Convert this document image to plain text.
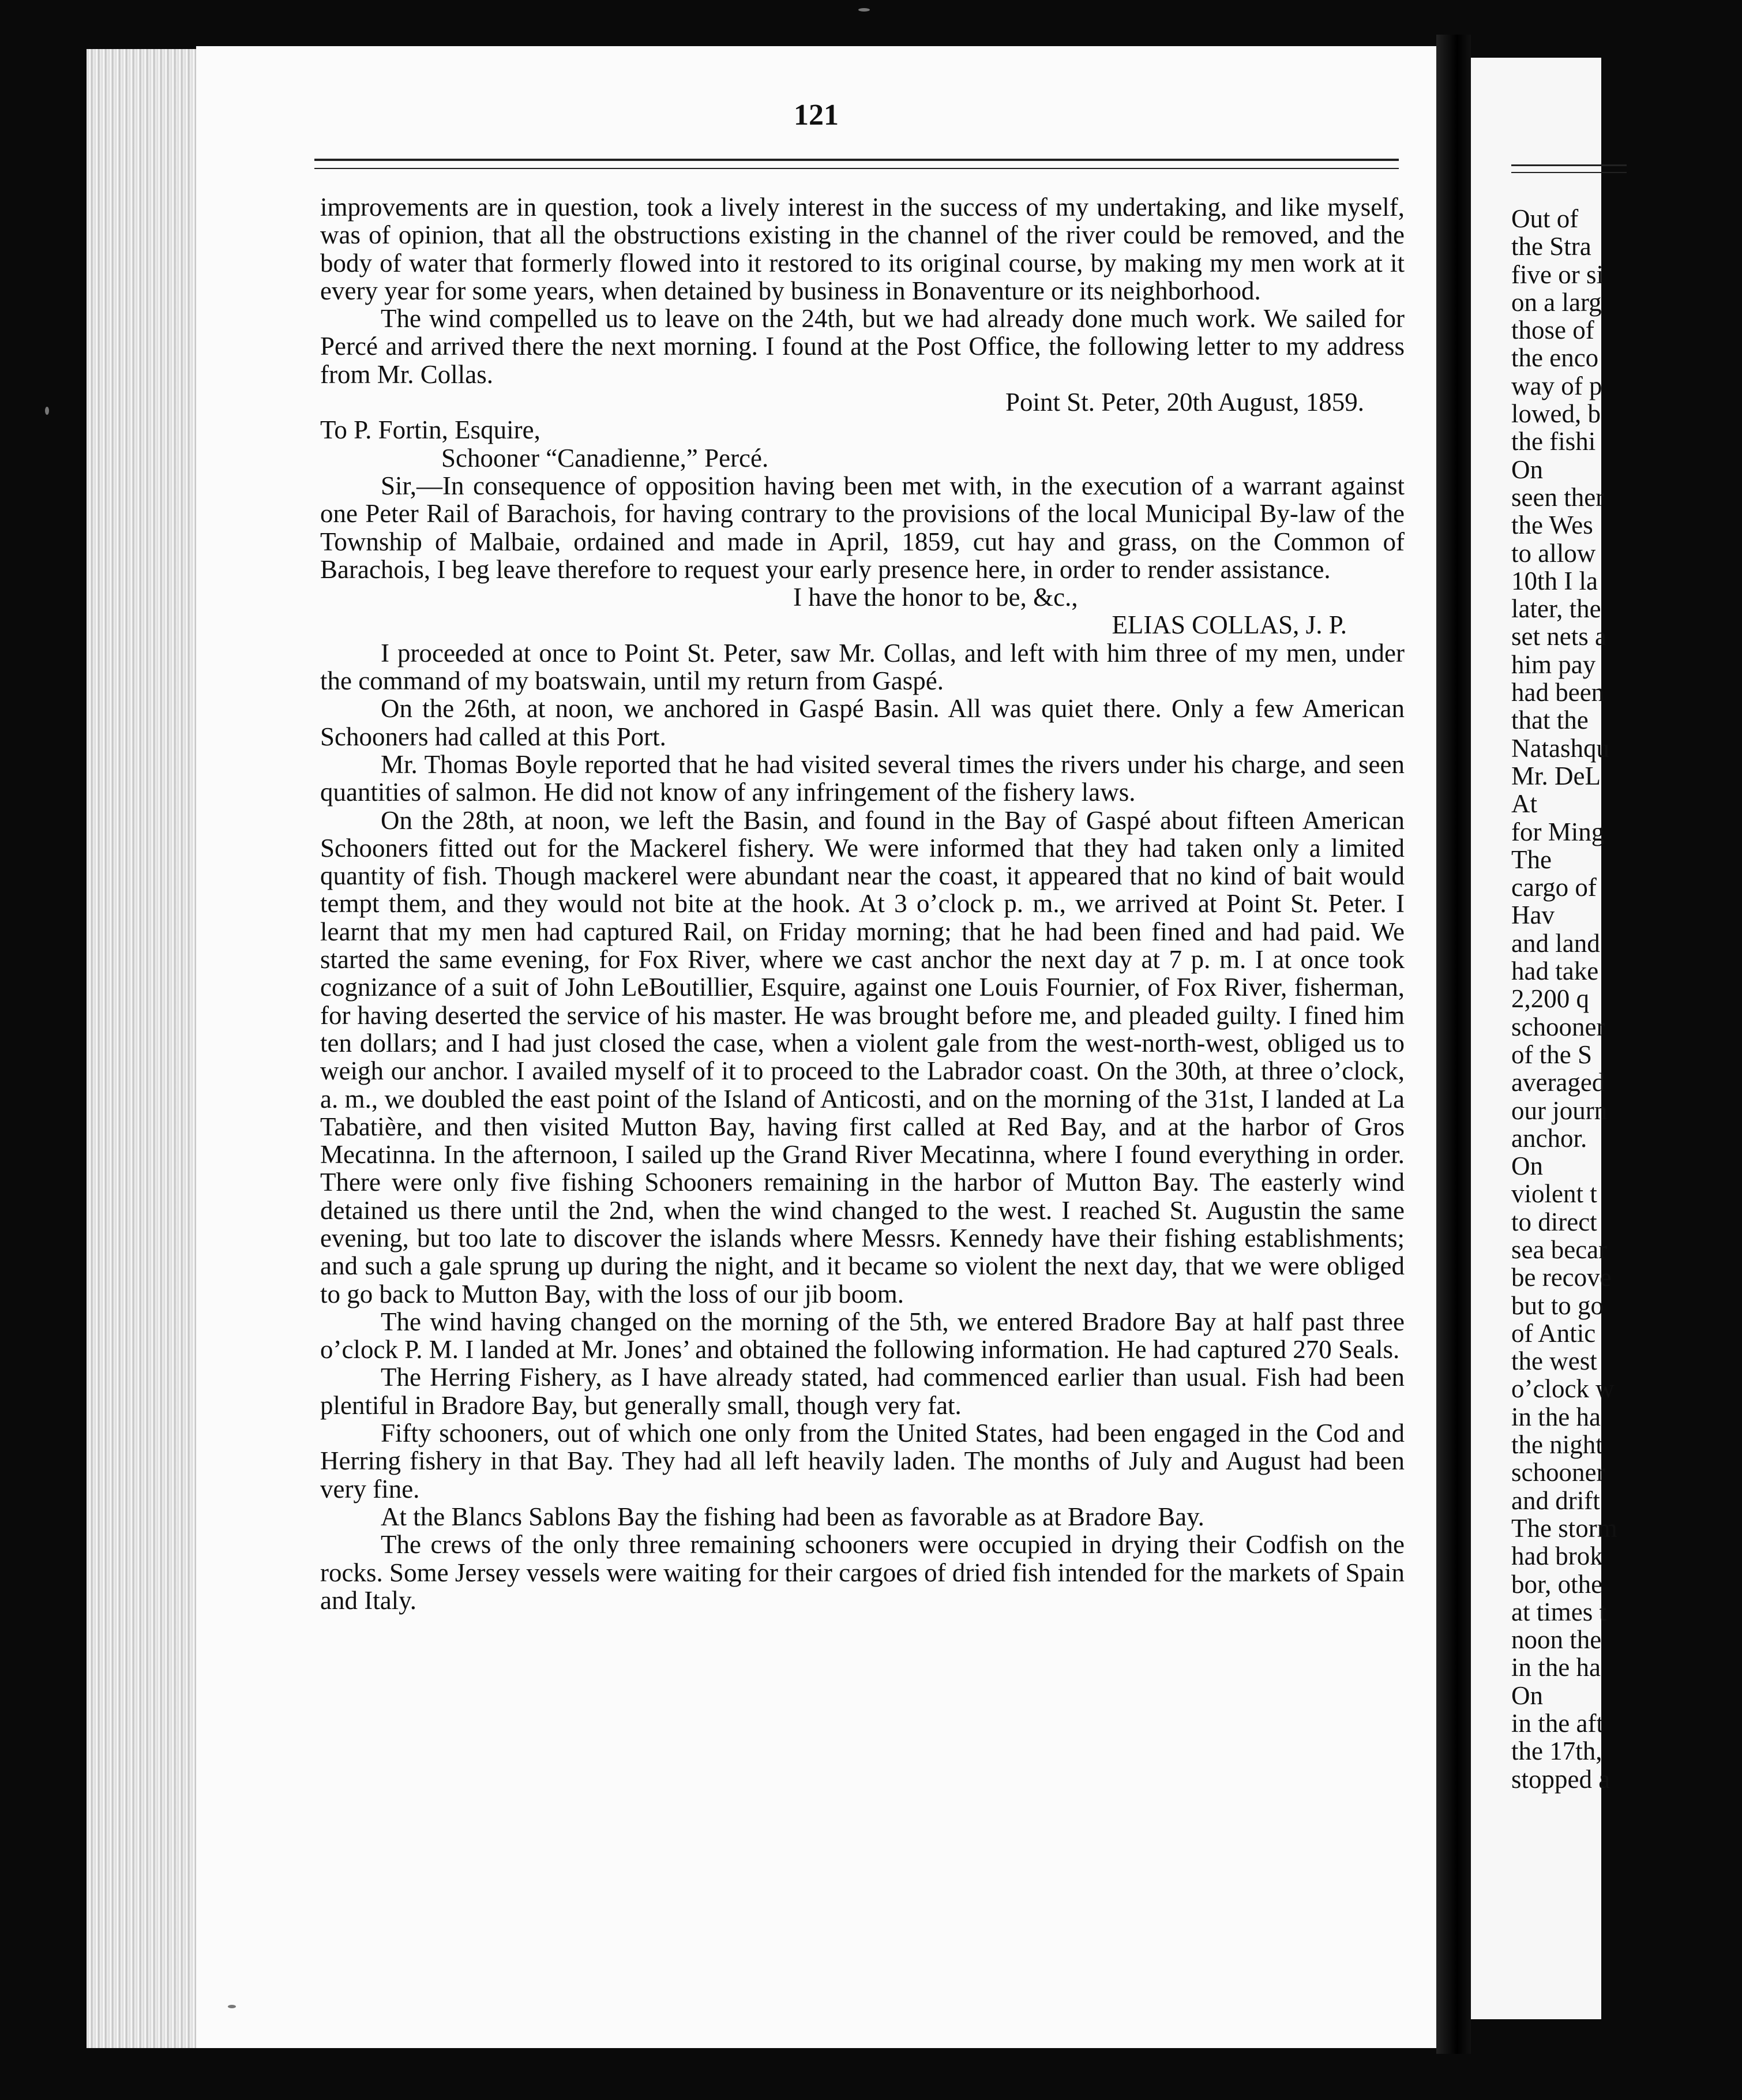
121

improvements are in question, took a lively interest in the success of my undertaking, and like myself, was of opinion, that all the obstructions existing in the channel of the river could be removed, and the body of water that formerly flowed into it restored to its original course, by making my men work at it every year for some years, when detained by business in Bonaventure or its neighborhood.

The wind compelled us to leave on the 24th, but we had already done much work. We sailed for Percé and arrived there the next morning. I found at the Post Office, the following letter to my address from Mr. Collas.

Point St. Peter, 20th August, 1859.

To P. Fortin, Esquire,

Schooner “Canadienne,” Percé.

Sir,—In consequence of opposition having been met with, in the execution of a warrant against one Peter Rail of Barachois, for having contrary to the provisions of the local Municipal By-law of the Township of Malbaie, ordained and made in April, 1859, cut hay and grass, on the Common of Barachois, I beg leave therefore to request your early presence here, in order to render assistance.

I have the honor to be, &c.,

ELIAS COLLAS, J. P.

I proceeded at once to Point St. Peter, saw Mr. Collas, and left with him three of my men, under the command of my boatswain, until my return from Gaspé.

On the 26th, at noon, we anchored in Gaspé Basin. All was quiet there. Only a few American Schooners had called at this Port.

Mr. Thomas Boyle reported that he had visited several times the rivers under his charge, and seen quantities of salmon. He did not know of any infringement of the fishery laws.

On the 28th, at noon, we left the Basin, and found in the Bay of Gaspé about fifteen American Schooners fitted out for the Mackerel fishery. We were informed that they had taken only a limited quantity of fish. Though mackerel were abundant near the coast, it appeared that no kind of bait would tempt them, and they would not bite at the hook. At 3 o’clock p. m., we arrived at Point St. Peter. I learnt that my men had captured Rail, on Friday morning; that he had been fined and had paid. We started the same evening, for Fox River, where we cast anchor the next day at 7 p. m. I at once took cognizance of a suit of John LeBoutillier, Esquire, against one Louis Fournier, of Fox River, fisherman, for having deserted the service of his master. He was brought before me, and pleaded guilty. I fined him ten dollars; and I had just closed the case, when a violent gale from the west-north-west, obliged us to weigh our anchor. I availed myself of it to proceed to the Labrador coast. On the 30th, at three o’clock, a. m., we doubled the east point of the Island of Anticosti, and on the morning of the 31st, I landed at La Tabatière, and then visited Mutton Bay, having first called at Red Bay, and at the harbor of Gros Mecatinna. In the afternoon, I sailed up the Grand River Mecatinna, where I found everything in order. There were only five fishing Schooners remaining in the harbor of Mutton Bay. The easterly wind detained us there until the 2nd, when the wind changed to the west. I reached St. Augustin the same evening, but too late to discover the islands where Messrs. Kennedy have their fishing establishments; and such a gale sprung up during the night, and it became so violent the next day, that we were obliged to go back to Mutton Bay, with the loss of our jib boom.

The wind having changed on the morning of the 5th, we entered Bradore Bay at half past three o’clock P. M. I landed at Mr. Jones’ and obtained the following information. He had captured 270 Seals.

The Herring Fishery, as I have already stated, had commenced earlier than usual. Fish had been plentiful in Bradore Bay, but generally small, though very fat.

Fifty schooners, out of which one only from the United States, had been engaged in the Cod and Herring fishery in that Bay. They had all left heavily laden. The months of July and August had been very fine.

At the Blancs Sablons Bay the fishing had been as favorable as at Bradore Bay.

The crews of the only three remaining schooners were occupied in drying their Codfish on the rocks. Some Jersey vessels were waiting for their cargoes of dried fish intended for the markets of Spain and Italy.

Out of
the Stra
five or si
on a larg
those of
the enco
way of p
lowed, b
the fishi
On
seen ther
the Wes
to allow
10th I la
later, the
set nets a
him pay
had been
that the
Natashqu
Mr. DeL
At
for Ming
The
cargo of
Hav
and land
had take
2,200 q
schooner
of the S
averaged
our journ
anchor.
On
violent t
to direct
sea becar
be recove
but to go
of Antic
the west
o’clock w
in the ha
the night
schooner
and drift
The storm
had brok
bor, othe
at times t
noon the
in the ha
On
in the aft
the 17th,
stopped a
